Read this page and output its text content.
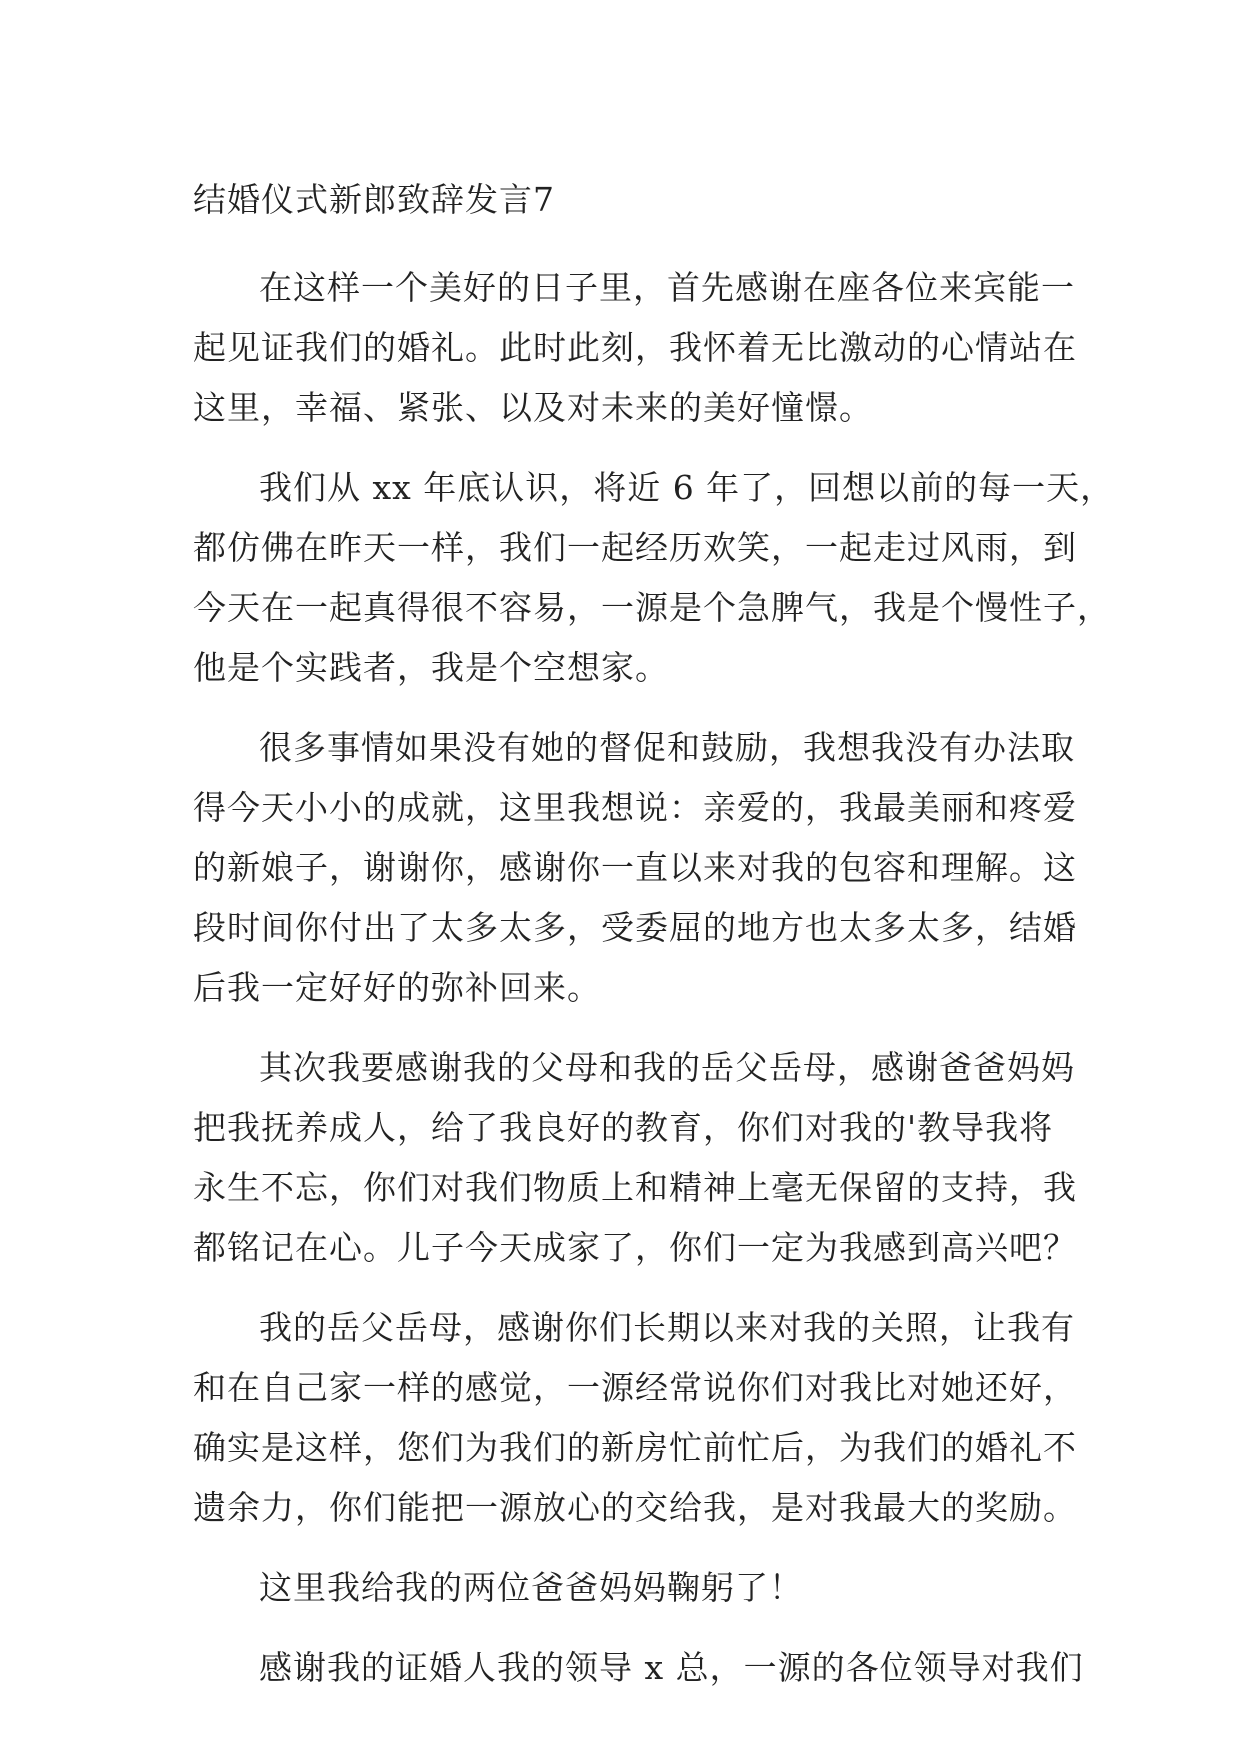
结婚仪式新郎致辞发言7
在这样一个美好的日子里，首先感谢在座各位来宾能一
起见证我们的婚礼。此时此刻，我怀着无比激动的心情站在
这里，幸福、紧张、以及对未来的美好憧憬。
我们从 xx 年底认识，将近 6 年了，回想以前的每一天，
都仿佛在昨天一样，我们一起经历欢笑，一起走过风雨，到
今天在一起真得很不容易，一源是个急脾气，我是个慢性子，
他是个实践者，我是个空想家。
很多事情如果没有她的督促和鼓励，我想我没有办法取
得今天小小的成就，这里我想说：亲爱的，我最美丽和疼爱
的新娘子，谢谢你，感谢你一直以来对我的包容和理解。这
段时间你付出了太多太多，受委屈的地方也太多太多，结婚
后我一定好好的弥补回来。
其次我要感谢我的父母和我的岳父岳母，感谢爸爸妈妈
把我抚养成人，给了我良好的教育，你们对我的'教导我将
永生不忘，你们对我们物质上和精神上毫无保留的支持，我
都铭记在心。儿子今天成家了，你们一定为我感到高兴吧？
我的岳父岳母，感谢你们长期以来对我的关照，让我有
和在自己家一样的感觉，一源经常说你们对我比对她还好，
确实是这样，您们为我们的新房忙前忙后，为我们的婚礼不
遗余力，你们能把一源放心的交给我，是对我最大的奖励。
这里我给我的两位爸爸妈妈鞠躬了！
感谢我的证婚人我的领导 x 总，一源的各位领导对我们
